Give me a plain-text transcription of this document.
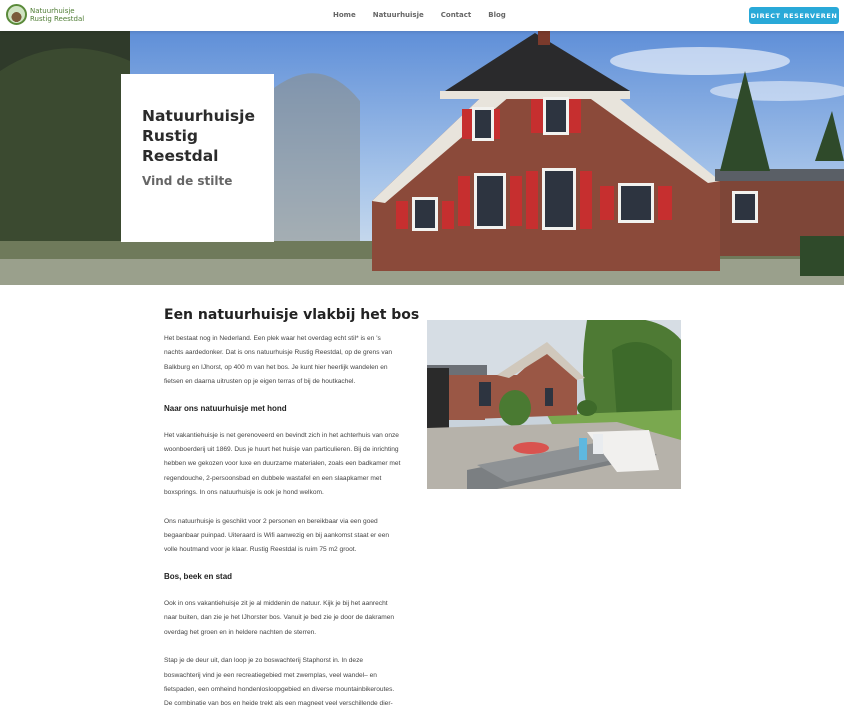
Natuurhuisje
Rustig Reestdal	Home Natuurhuisje Contact Blog	DIRECT RESERVEREN
Natuurhuisje
Rustig
Reestdal
Vind de stilte
Een natuurhuisje vlakbij het bos
Het bestaat nog in Nederland. Een plek waar het overdag echt stil* is en 's
nachts aardedonker. Dat is ons natuurhuisje Rustig Reestdal, op de grens van
Balkburg en IJhorst, op 400 m van het bos. Je kunt hier heerlijk wandelen en
fietsen en daarna uitrusten op je eigen terras of bij de houtkachel.
Naar ons natuurhuisje met hond
Het vakantiehuisje is net gerenoveerd en bevindt zich in het achterhuis van onze
woonboerderij uit 1869. Dus je huurt het huisje van particulieren. Bij de inrichting
hebben we gekozen voor luxe en duurzame materialen, zoals een badkamer met
regendouche, 2-persoonsbad en dubbele wastafel en een slaapkamer met
boxsprings. In ons natuurhuisje is ook je hond welkom.
Ons natuurhuisje is geschikt voor 2 personen en bereikbaar via een goed
begaanbaar puinpad. Uiteraard is Wifi aanwezig en bij aankomst staat er een
volle houtmand voor je klaar. Rustig Reestdal is ruim 75 m2 groot.
Bos, beek en stad
Ook in ons vakantiehuisje zit je al middenin de natuur. Kijk je bij het aanrecht
naar buiten, dan zie je het IJhorster bos. Vanuit je bed zie je door de dakramen
overdag het groen en in heldere nachten de sterren.
Stap je de deur uit, dan loop je zo boswachterij Staphorst in. In deze
boswachterij vind je een recreatiegebied met zwemplas, veel wandel– en
fietspaden, een omheind hondenlosloopgebied en diverse mountainbikeroutes.
De combinatie van bos en heide trekt als een magneet veel verschillende dier-
